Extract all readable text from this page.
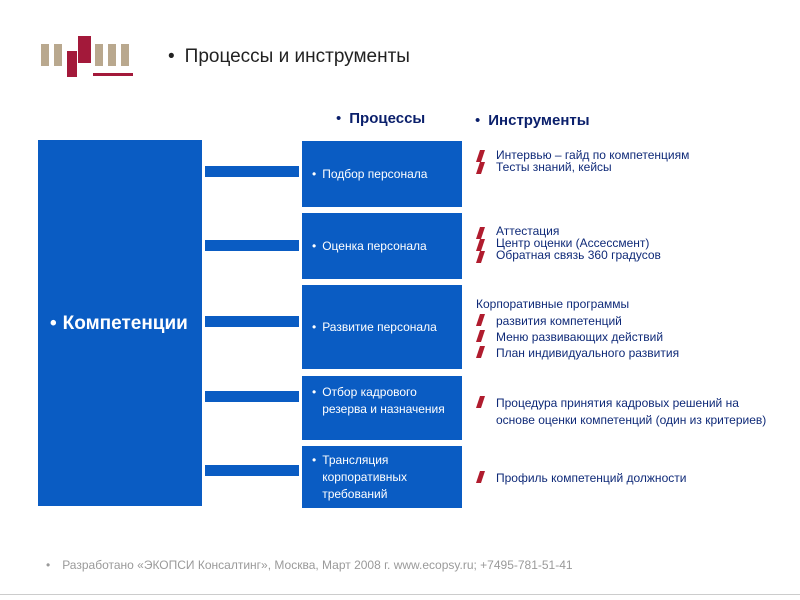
• Процессы и инструменты
• Процессы	• Инструменты
• Компетенции
• Подбор персонала
• Оценка персонала
• Развитие персонала
• Отбор кадрового резерва и назначения
• Трансляция корпоративных требований
Интервью – гайд по компетенциям
Тесты знаний, кейсы
Аттестация
Центр оценки (Ассессмент)
Обратная связь 360 градусов
Корпоративные программы
развития компетенций
Меню развивающих действий
План индивидуального развития
Процедура принятия кадровых решений на основе оценки компетенций (один из критериев)
Профиль компетенций должности
• Разработано «ЭКОПСИ Консалтинг», Москва, Март 2008 г. www.ecopsy.ru; +7495-781-51-41
